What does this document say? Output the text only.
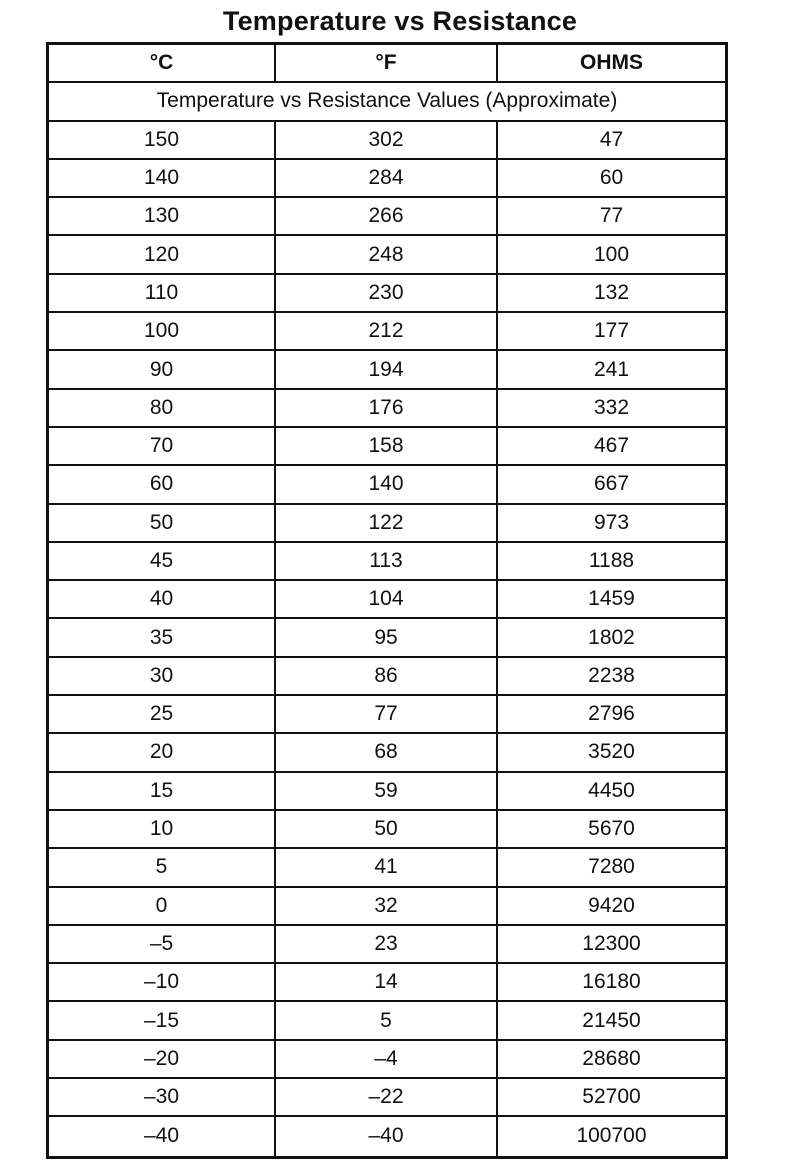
Temperature vs Resistance
°C	°F	OHMS
Temperature vs Resistance Values (Approximate)
150	302	47
140	284	60
130	266	77
120	248	100
110	230	132
100	212	177
90	194	241
80	176	332
70	158	467
60	140	667
50	122	973
45	113	1188
40	104	1459
35	95	1802
30	86	2238
25	77	2796
20	68	3520
15	59	4450
10	50	5670
5	41	7280
0	32	9420
–5	23	12300
–10	14	16180
–15	5	21450
–20	–4	28680
–30	–22	52700
–40	–40	100700
